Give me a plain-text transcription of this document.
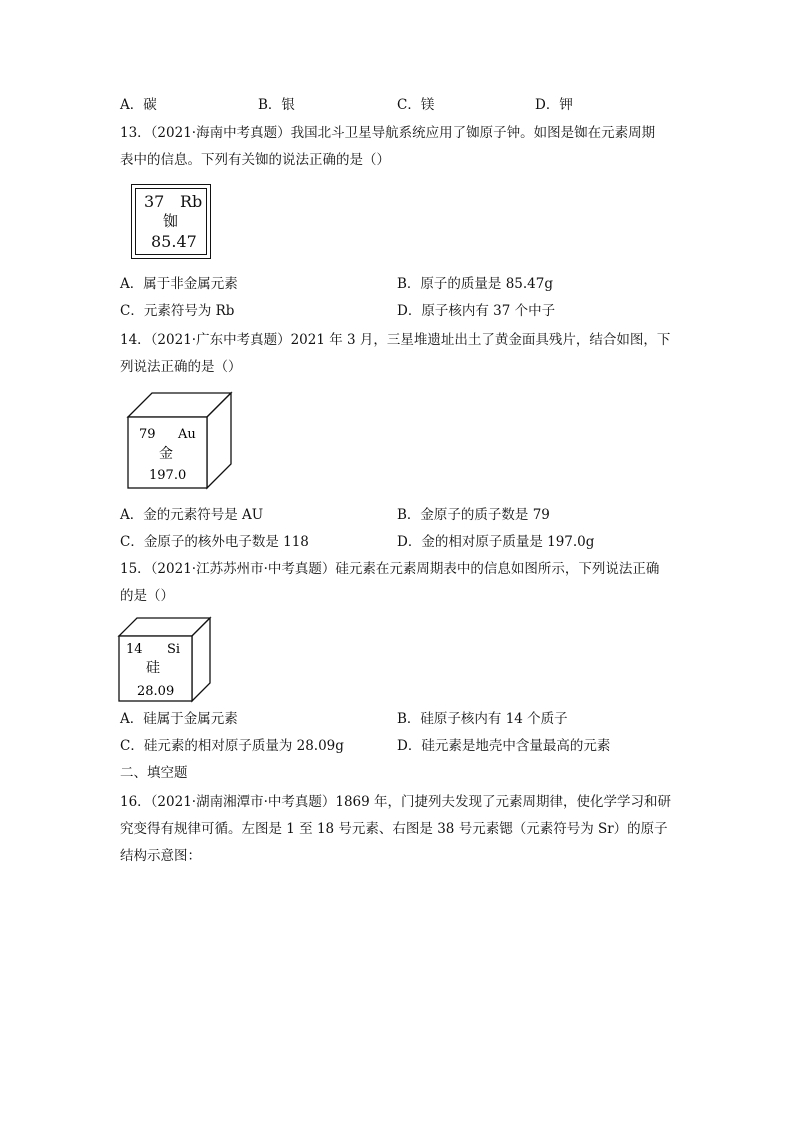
A．碳	B．银	C．镁	D．钾
13．（2021·海南中考真题）我国北斗卫星导航系统应用了铷原子钟。如图是铷在元素周期
表中的信息。下列有关铷的说法正确的是（）
37 Rb
铷
85.47
A．属于非金属元素	B．原子的质量是 85.47g
C．元素符号为 Rb	D．原子核内有 37 个中子
14．（2021·广东中考真题）2021 年 3 月，三星堆遗址出土了黄金面具残片，结合如图，下
列说法正确的是（）
79 Au
金
197.0
A．金的元素符号是 AU	B．金原子的质子数是 79
C．金原子的核外电子数是 118	D．金的相对原子质量是 197.0g
15．（2021·江苏苏州市·中考真题）硅元素在元素周期表中的信息如图所示，下列说法正确
的是（）
14 Si
硅
28.09
A．硅属于金属元素	B．硅原子核内有 14 个质子
C．硅元素的相对原子质量为 28.09g	D．硅元素是地壳中含量最高的元素
二、填空题
16．（2021·湖南湘潭市·中考真题）1869 年，门捷列夫发现了元素周期律，使化学学习和研
究变得有规律可循。左图是 1 至 18 号元素、右图是 38 号元素锶（元素符号为 Sr）的原子
结构示意图：
